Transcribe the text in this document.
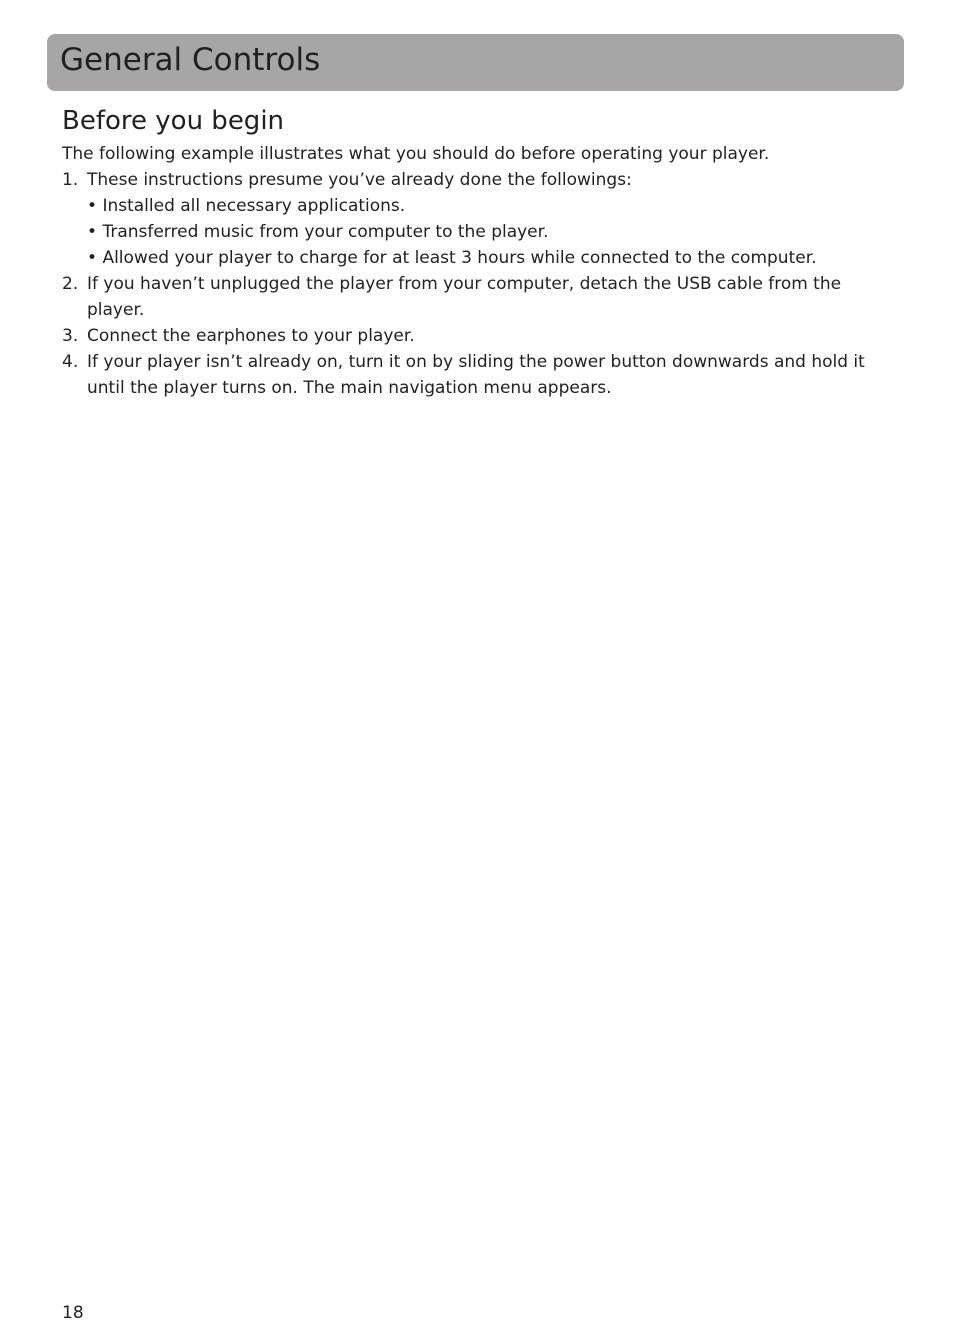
General Controls
Before you begin

The following example illustrates what you should do before operating your player.

1. These instructions presume you’ve already done the followings:
• Installed all necessary applications.
• Transferred music from your computer to the player.
• Allowed your player to charge for at least 3 hours while connected to the computer.
2. If you haven’t unplugged the player from your computer, detach the USB cable from the player.
3. Connect the earphones to your player.
4. If your player isn’t already on, turn it on by sliding the power button downwards and hold it until the player turns on. The main navigation menu appears.
18
